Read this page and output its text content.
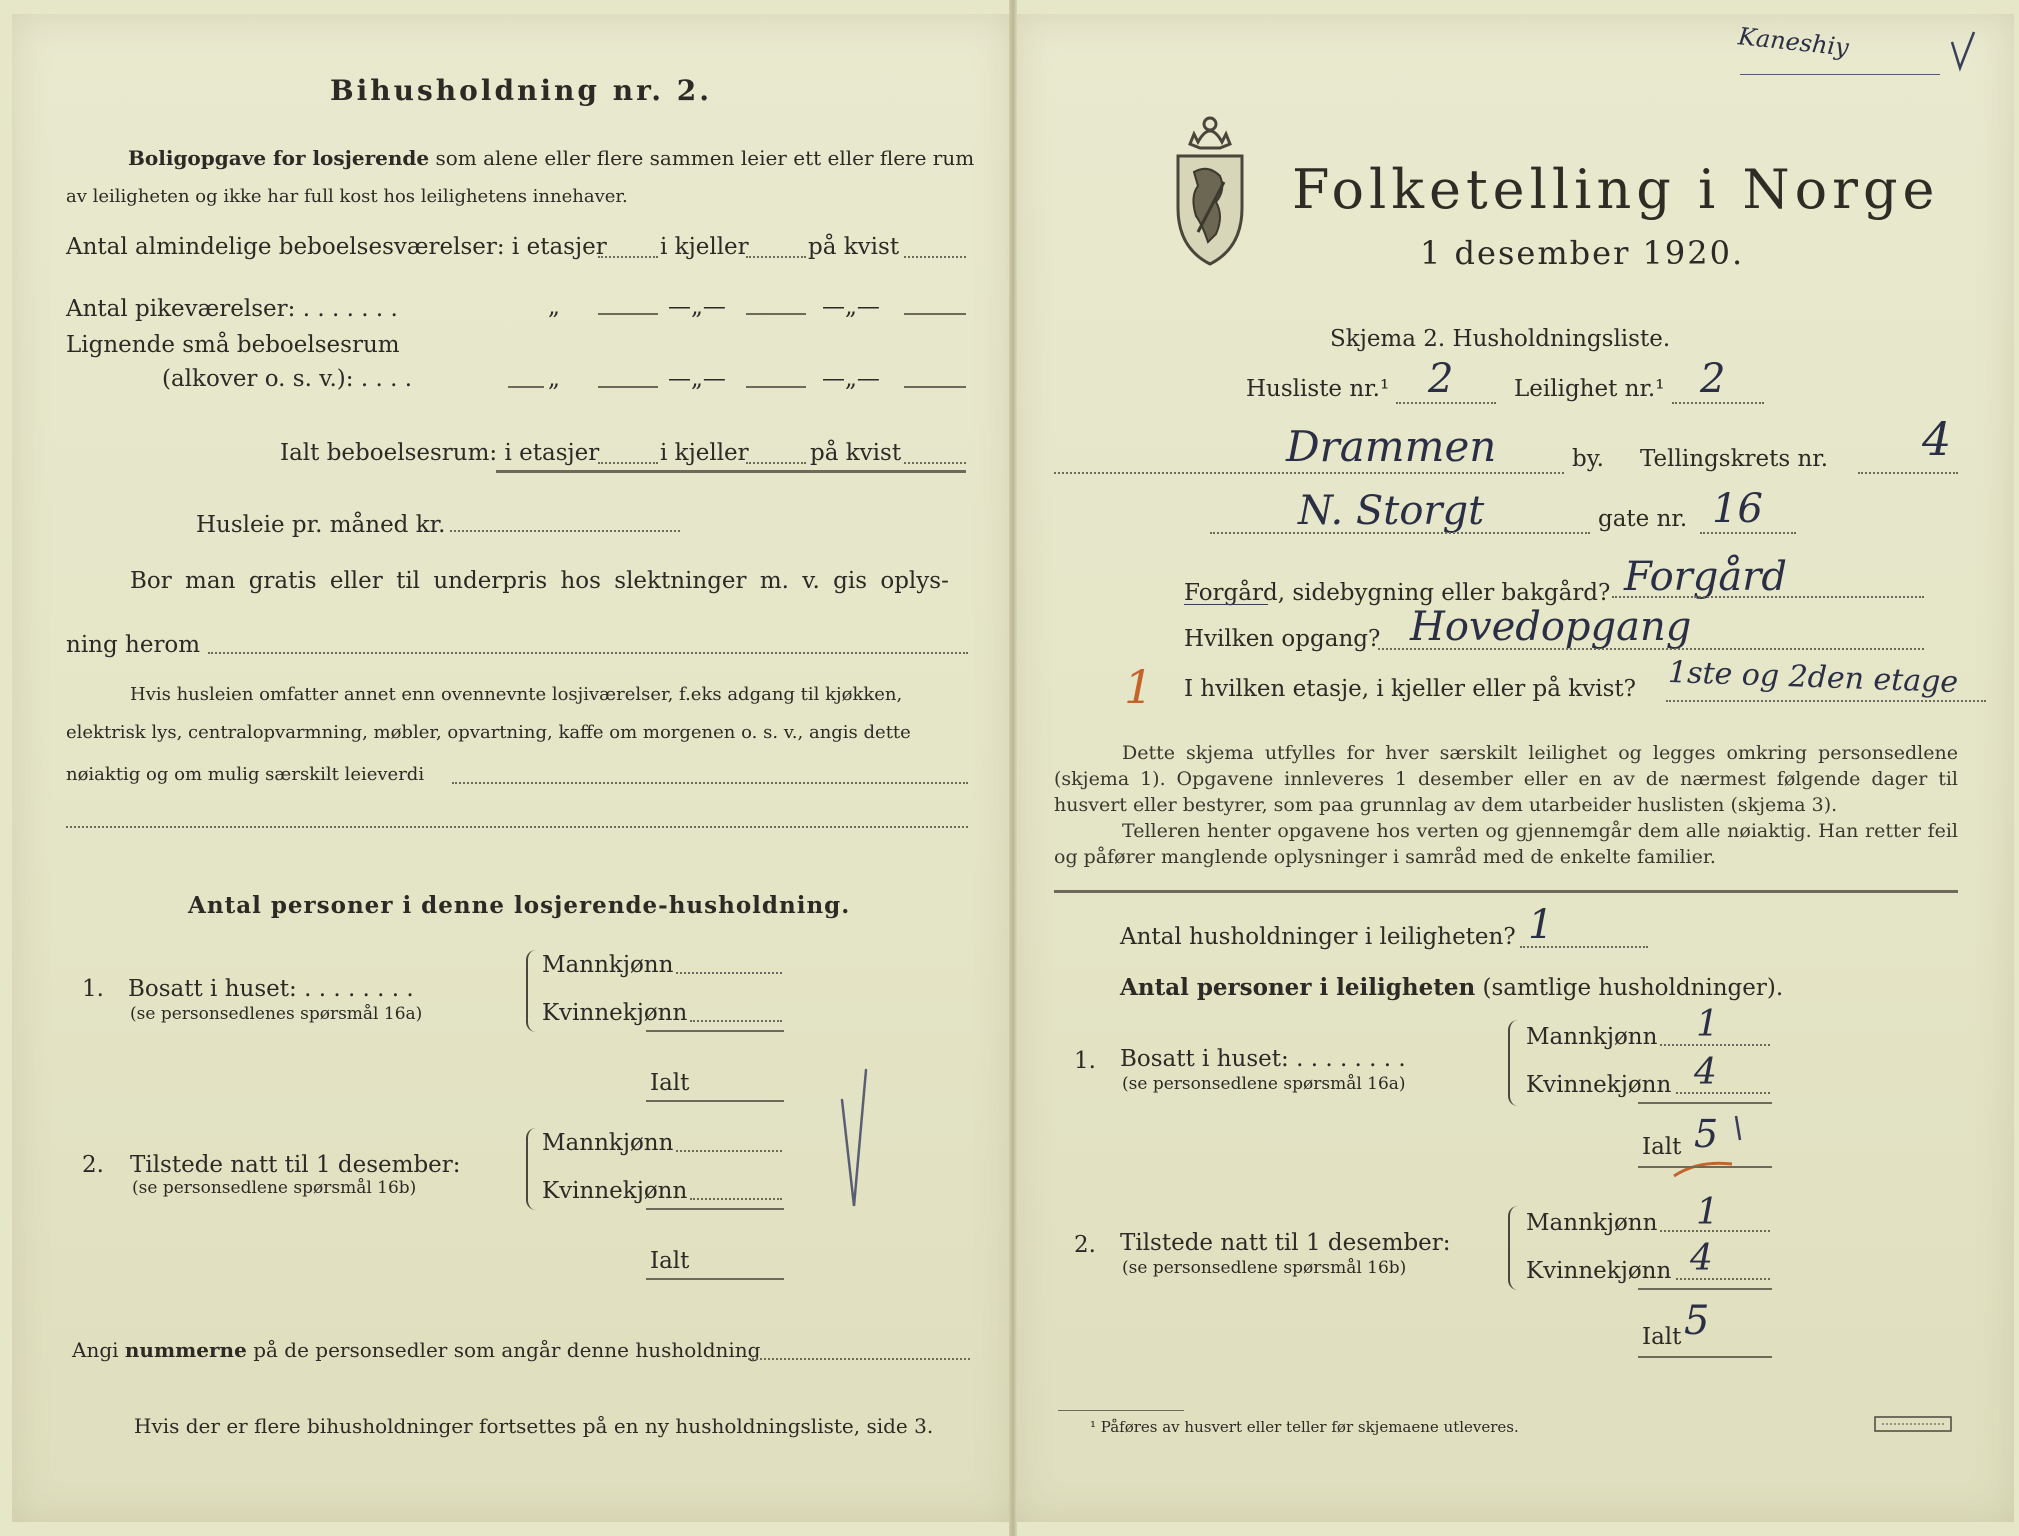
Bihusholdning nr. 2.
Boligopgave for losjerende som alene eller flere sammen leier ett eller flere rum
av leiligheten og ikke har full kost hos leilighetens innehaver.
Antal almindelige beboelsesværelser: i etasjer i kjeller	på kvist
Antal pikeværelser: . . . . . . .	„	—„—	—„—
Lignende små beboelsesrum
(alkover o. s. v.): . . . .	„	—„—	—„—
Ialt beboelsesrum: i etasjer	i kjeller	på kvist
Husleie pr. måned kr.
Bor man gratis eller til underpris hos slektninger m. v. gis oplys-
ning herom
Hvis husleien omfatter annet enn ovennevnte losjiværelser, f.eks adgang til kjøkken,
elektrisk lys, centralopvarmning, møbler, opvartning, kaffe om morgenen o. s. v., angis dette
nøiaktig og om mulig særskilt leieverdi
Antal personer i denne losjerende-husholdning.
1. Bosatt i huset: . . . . . . . .
(se personsedlenes spørsmål 16a)
Mannkjønn
Kvinnekjønn
Ialt
2. Tilstede natt til 1 desember:
(se personsedlene spørsmål 16b)
Mannkjønn
Kvinnekjønn
Ialt
Angi nummerne på de personsedler som angår denne husholdning
Hvis der er flere bihusholdninger fortsettes på en ny husholdningsliste, side 3.
Kaneshiy
Folketelling i Norge
1 desember 1920.
Skjema 2. Husholdningsliste.
Husliste nr.¹ 2	Leilighet nr.¹ 2
Drammen	by. Tellingskrets nr. 4
N. Storgt	gate nr. 16
Forgård, sidebygning eller bakgård? Forgård
Hvilken opgang? Hovedopgang
1 I hvilken etasje, i kjeller eller på kvist? 1ste og 2den etage
Dette skjema utfylles for hver særskilt leilighet og legges omkring personsedlene (skjema 1). Opgavene innleveres 1 desember eller en av de nærmest følgende dager til husvert eller bestyrer, som paa grunnlag av dem utarbeider huslisten (skjema 3).
Telleren henter opgavene hos verten og gjennemgår dem alle nøiaktig. Han retter feil og påfører manglende oplysninger i samråd med de enkelte familier.
Antal husholdninger i leiligheten? 1
Antal personer i leiligheten (samtlige husholdninger).
1. Bosatt i huset: . . . . . . . .
(se personsedlene spørsmål 16a)
Mannkjønn 1
Kvinnekjønn 4
Ialt 5
2. Tilstede natt til 1 desember:
(se personsedlene spørsmål 16b)
Mannkjønn 1
Kvinnekjønn 4
Ialt 5
¹ Påføres av husvert eller teller før skjemaene utleveres.
